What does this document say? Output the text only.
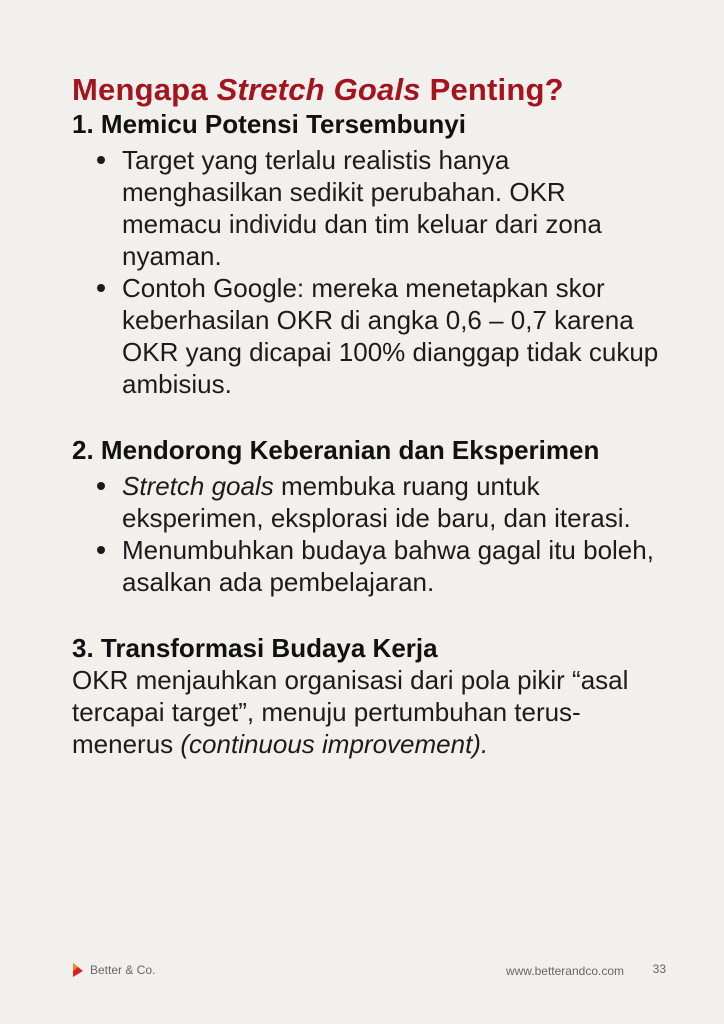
Mengapa Stretch Goals Penting?
1. Memicu Potensi Tersembunyi
Target yang terlalu realistis hanya menghasilkan sedikit perubahan. OKR memacu individu dan tim keluar dari zona nyaman.
Contoh Google: mereka menetapkan skor keberhasilan OKR di angka 0,6 – 0,7 karena OKR yang dicapai 100% dianggap tidak cukup ambisius.
2. Mendorong Keberanian dan Eksperimen
Stretch goals membuka ruang untuk eksperimen, eksplorasi ide baru, dan iterasi.
Menumbuhkan budaya bahwa gagal itu boleh, asalkan ada pembelajaran.
3. Transformasi Budaya Kerja

OKR menjauhkan organisasi dari pola pikir “asal tercapai target”, menuju pertumbuhan terus-menerus (continuous improvement).

Better & Co.	www.betterandco.com 33
